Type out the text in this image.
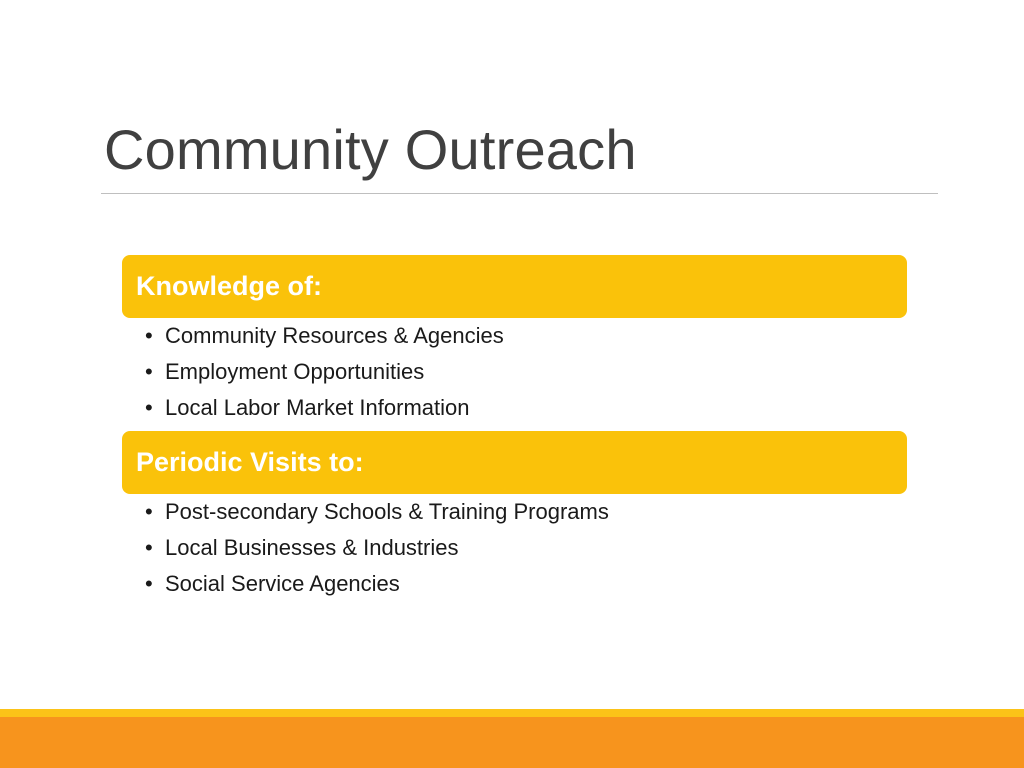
Community Outreach
Knowledge of:
• Community Resources & Agencies
• Employment Opportunities
• Local Labor Market Information
Periodic Visits to:
• Post-secondary Schools & Training Programs
• Local Businesses & Industries
• Social Service Agencies
